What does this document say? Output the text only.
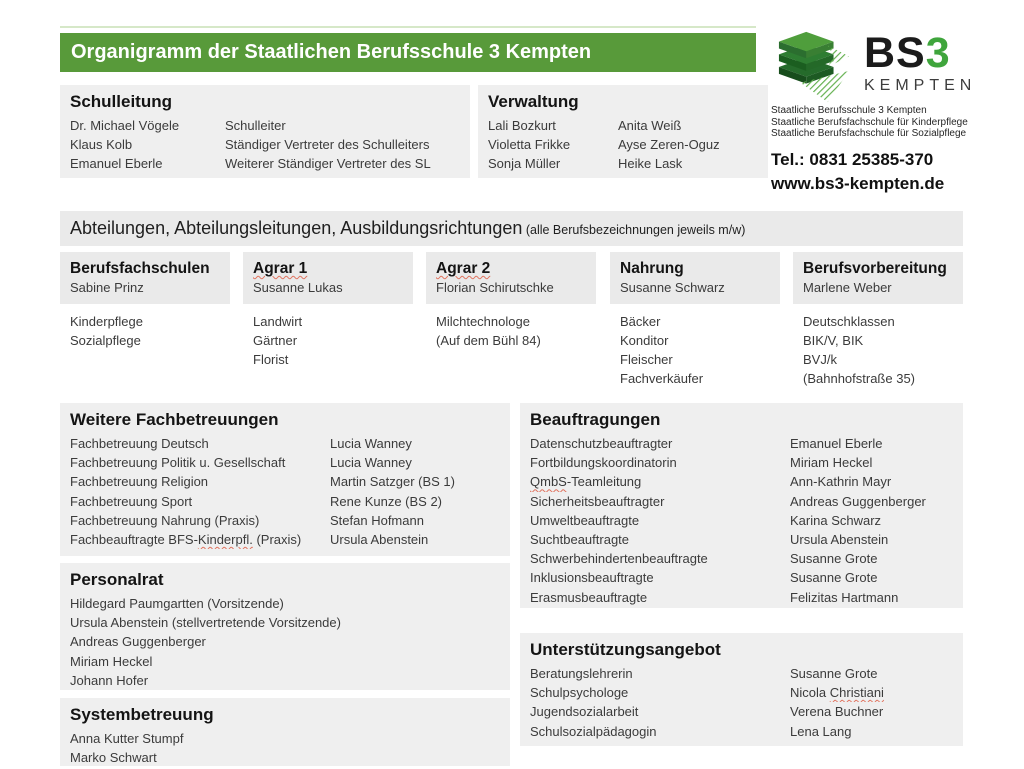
Organigramm der Staatlichen Berufsschule 3 Kempten	BS3
KEMPTEN
Staatliche Berufsschule 3 Kempten
Staatliche Berufsfachschule für Kinderpflege
Staatliche Berufsfachschule für Sozialpflege
Tel.: 0831 25385-370
www.bs3-kempten.de
Schulleitung
Dr. Michael Vögele	Schulleiter
Klaus Kolb	Ständiger Vertreter des Schulleiters
Emanuel Eberle	Weiterer Ständiger Vertreter des SL
Verwaltung
Lali Bozkurt	Anita Weiß
Violetta Frikke	Ayse Zeren-Oguz
Sonja Müller	Heike Lask
Abteilungen, Abteilungsleitungen, Ausbildungsrichtungen (alle Berufsbezeichnungen jeweils m/w)
Berufsfachschulen
Sabine Prinz
Agrar 1
Susanne Lukas
Agrar 2
Florian Schirutschke
Nahrung
Susanne Schwarz
Berufsvorbereitung
Marlene Weber
Kinderpflege
Sozialpflege
Landwirt
Gärtner
Florist
Milchtechnologe
(Auf dem Bühl 84)
Bäcker
Konditor
Fleischer
Fachverkäufer
Deutschklassen
BIK/V, BIK
BVJ/k
(Bahnhofstraße 35)
Weitere Fachbetreuungen
Fachbetreuung Deutsch	Lucia Wanney
Fachbetreuung Politik u. Gesellschaft	Lucia Wanney
Fachbetreuung Religion	Martin Satzger (BS 1)
Fachbetreuung Sport	Rene Kunze (BS 2)
Fachbetreuung Nahrung (Praxis)	Stefan Hofmann
Fachbeauftragte BFS-Kinderpfl. (Praxis)	Ursula Abenstein
Personalrat
Hildegard Paumgartten (Vorsitzende)
Ursula Abenstein (stellvertretende Vorsitzende)
Andreas Guggenberger
Miriam Heckel
Johann Hofer
Systembetreuung
Anna Kutter Stumpf
Marko Schwart
Beauftragungen
Datenschutzbeauftragter	Emanuel Eberle
Fortbildungskoordinatorin	Miriam Heckel
QmbS-Teamleitung	Ann-Kathrin Mayr
Sicherheitsbeauftragter	Andreas Guggenberger
Umweltbeauftragte	Karina Schwarz
Suchtbeauftragte	Ursula Abenstein
Schwerbehindertenbeauftragte	Susanne Grote
Inklusionsbeauftragte	Susanne Grote
Erasmusbeauftragte	Felizitas Hartmann
Unterstützungsangebot
Beratungslehrerin	Susanne Grote
Schulpsychologe	Nicola Christiani
Jugendsozialarbeit	Verena Buchner
Schulsozialpädagogin	Lena Lang
